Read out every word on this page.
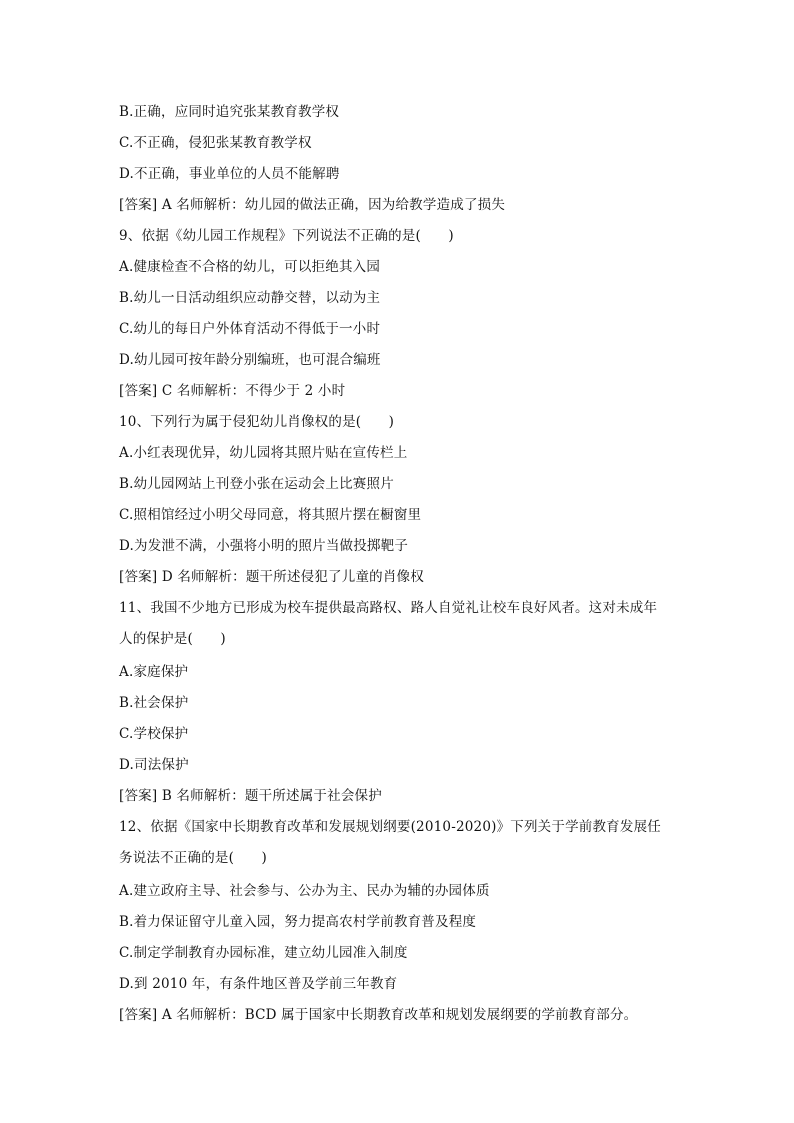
B.正确，应同时追究张某教育教学权
C.不正确，侵犯张某教育教学权
D.不正确，事业单位的人员不能解聘
[答案] A 名师解析：幼儿园的做法正确，因为给教学造成了损失
9、依据《幼儿园工作规程》下列说法不正确的是(　　)
A.健康检查不合格的幼儿，可以拒绝其入园
B.幼儿一日活动组织应动静交替，以动为主
C.幼儿的每日户外体育活动不得低于一小时
D.幼儿园可按年龄分别编班，也可混合编班
[答案] C 名师解析：不得少于 2 小时
10、下列行为属于侵犯幼儿肖像权的是(　　)
A.小红表现优异，幼儿园将其照片贴在宣传栏上
B.幼儿园网站上刊登小张在运动会上比赛照片
C.照相馆经过小明父母同意，将其照片摆在橱窗里
D.为发泄不满，小强将小明的照片当做投掷靶子
[答案] D 名师解析：题干所述侵犯了儿童的肖像权
11、我国不少地方已形成为校车提供最高路权、路人自觉礼让校车良好风者。这对未成年
人的保护是(　　)
A.家庭保护
B.社会保护
C.学校保护
D.司法保护
[答案] B 名师解析：题干所述属于社会保护
12、依据《国家中长期教育改革和发展规划纲要(2010-2020)》下列关于学前教育发展任
务说法不正确的是(　　)
A.建立政府主导、社会参与、公办为主、民办为辅的办园体质
B.着力保证留守儿童入园，努力提高农村学前教育普及程度
C.制定学制教育办园标准，建立幼儿园准入制度
D.到 2010 年，有条件地区普及学前三年教育
[答案] A 名师解析：BCD 属于国家中长期教育改革和规划发展纲要的学前教育部分。
